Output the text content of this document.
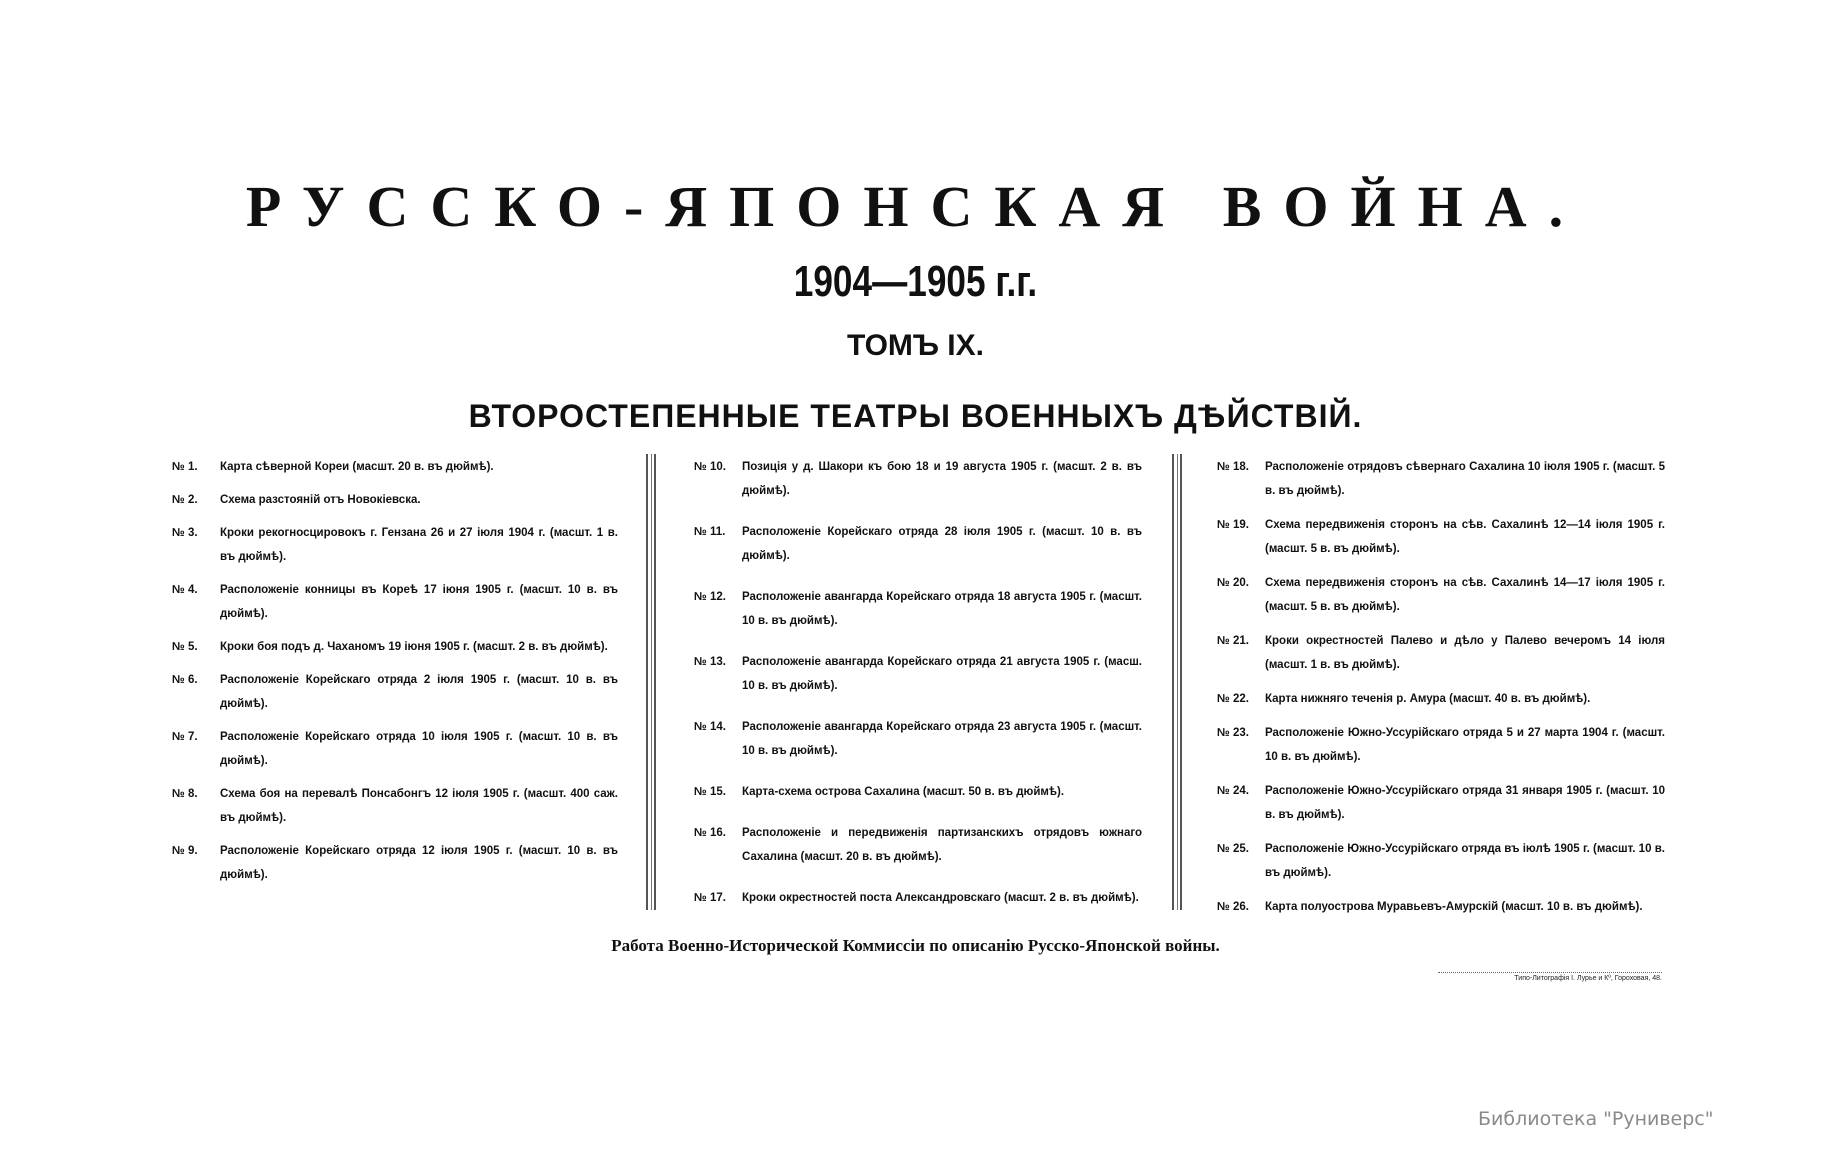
РУССКО-ЯПОНСКАЯ ВОЙНА.
1904—1905 г.г.
ТОМЪ IX.
ВТОРОСТЕПЕННЫЕ ТЕАТРЫ ВОЕННЫХЪ ДѢЙСТВІЙ.
№ 1.	Карта сѣверной Кореи (масшт. 20 в. въ дюймѣ).
№ 2.	Схема разстояній отъ Новокіевска.
№ 3.	Кроки рекогносцировокъ г. Гензана 26 и 27 іюля 1904 г. (масшт. 1 в. въ дюймѣ).
№ 4.	Расположеніе конницы въ Кореѣ 17 іюня 1905 г. (масшт. 10 в. въ дюймѣ).
№ 5.	Кроки боя подъ д. Чаханомъ 19 іюня 1905 г. (масшт. 2 в. въ дюймѣ).
№ 6.	Расположеніе Корейскаго отряда 2 іюля 1905 г. (масшт. 10 в. въ дюймѣ).
№ 7.	Расположеніе Корейскаго отряда 10 іюля 1905 г. (масшт. 10 в. въ дюймѣ).
№ 8.	Схема боя на перевалѣ Понсабонгъ 12 іюля 1905 г. (масшт. 400 саж. въ дюймѣ).
№ 9.	Расположеніе Корейскаго отряда 12 іюля 1905 г. (масшт. 10 в. въ дюймѣ).
№ 10.	Позиція у д. Шакори къ бою 18 и 19 августа 1905 г. (масшт. 2 в. въ дюймѣ).
№ 11.	Расположеніе Корейскаго отряда 28 іюля 1905 г. (масшт. 10 в. въ дюймѣ).
№ 12.	Расположеніе авангарда Корейскаго отряда 18 августа 1905 г. (масшт. 10 в. въ дюймѣ).
№ 13.	Расположеніе авангарда Корейскаго отряда 21 августа 1905 г. (масш. 10 в. въ дюймѣ).
№ 14.	Расположеніе авангарда Корейскаго отряда 23 августа 1905 г. (масшт. 10 в. въ дюймѣ).
№ 15.	Карта-схема острова Сахалина (масшт. 50 в. въ дюймѣ).
№ 16.	Расположеніе и передвиженія партизанскихъ отрядовъ южнаго Сахалина (масшт. 20 в. въ дюймѣ).
№ 17.	Кроки окрестностей поста Александровскаго (масшт. 2 в. въ дюймѣ).
№ 18.	Расположеніе отрядовъ сѣвернаго Сахалина 10 іюля 1905 г. (масшт. 5 в. въ дюймѣ).
№ 19.	Схема передвиженія сторонъ на сѣв. Сахалинѣ 12—14 іюля 1905 г. (масшт. 5 в. въ дюймѣ).
№ 20.	Схема передвиженія сторонъ на сѣв. Сахалинѣ 14—17 іюля 1905 г. (масшт. 5 в. въ дюймѣ).
№ 21.	Кроки окрестностей Палево и дѣло у Палево вечеромъ 14 іюля (масшт. 1 в. въ дюймѣ).
№ 22.	Карта нижняго теченія р. Амура (масшт. 40 в. въ дюймѣ).
№ 23.	Расположеніе Южно-Уссурійскаго отряда 5 и 27 марта 1904 г. (масшт. 10 в. въ дюймѣ).
№ 24.	Расположеніе Южно-Уссурійскаго отряда 31 января 1905 г. (масшт. 10 в. въ дюймѣ).
№ 25.	Расположеніе Южно-Уссурійскаго отряда въ іюлѣ 1905 г. (масшт. 10 в. въ дюймѣ).
№ 26.	Карта полуострова Муравьевъ-Амурскій (масшт. 10 в. въ дюймѣ).
Работа Военно-Исторической Коммиссіи по описанію Русско-Японской войны.
Типо-Литографія І. Лурье и Кº, Гороховая, 48.
Библиотека "Руниверс"
